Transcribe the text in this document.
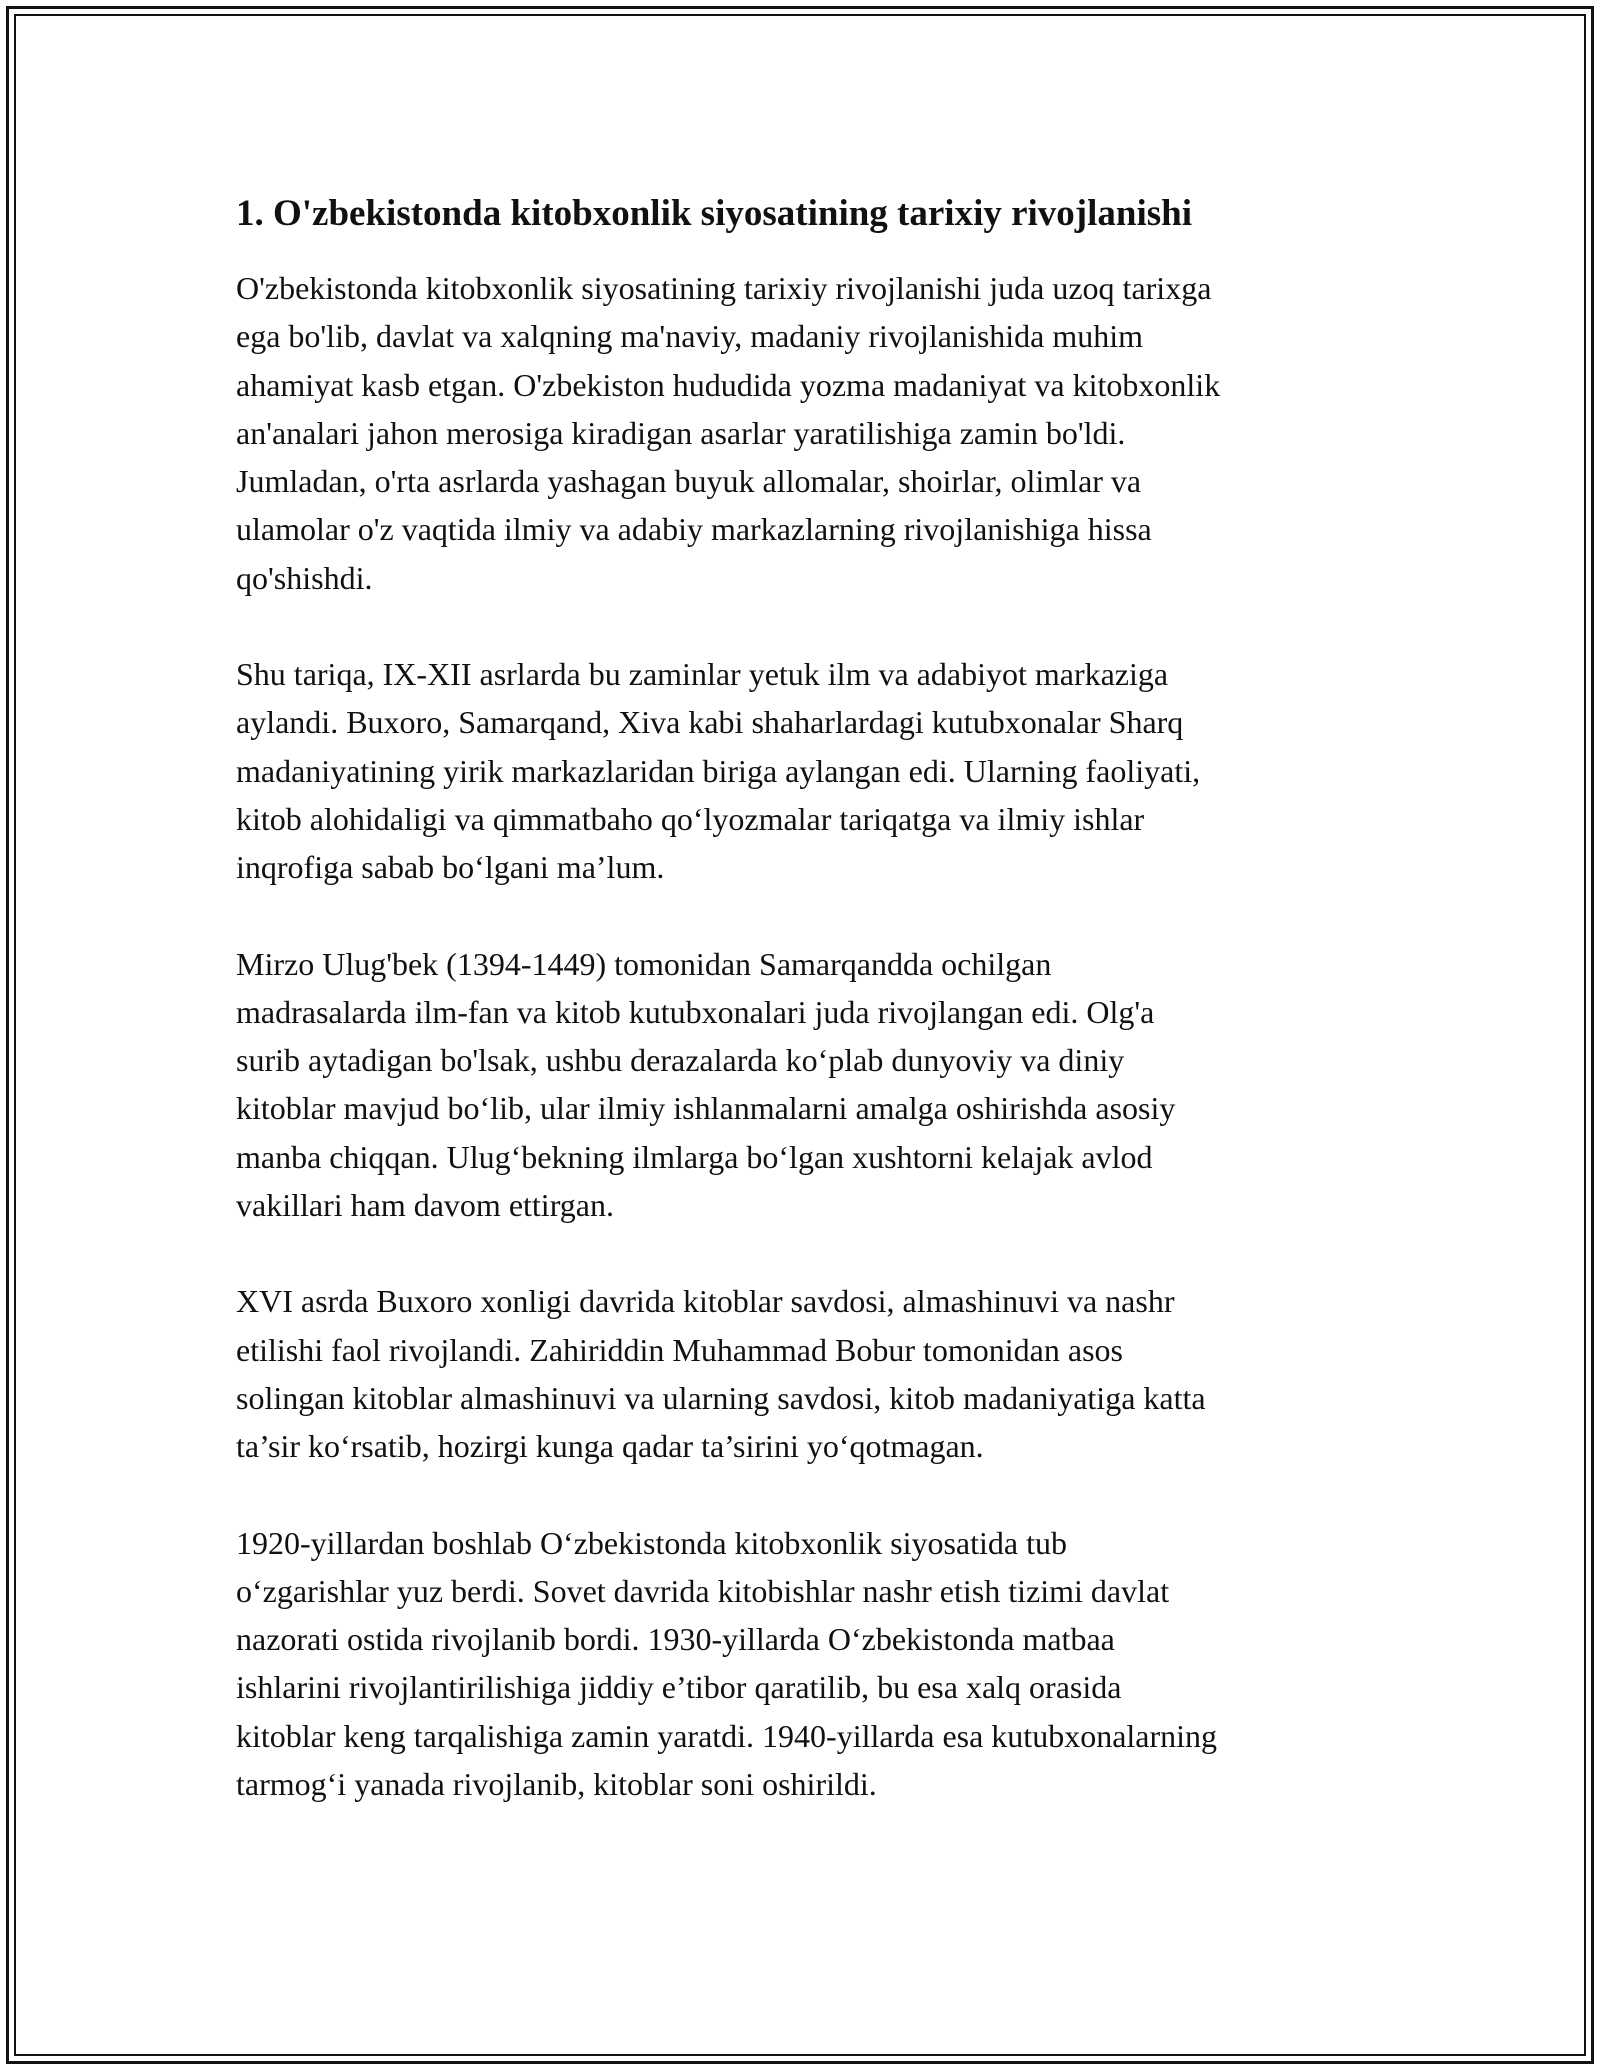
1. O'zbekistonda kitobxonlik siyosatining tarixiy rivojlanishi

O'zbekistonda kitobxonlik siyosatining tarixiy rivojlanishi juda uzoq tarixga
ega bo'lib, davlat va xalqning ma'naviy, madaniy rivojlanishida muhim
ahamiyat kasb etgan. O'zbekiston hududida yozma madaniyat va kitobxonlik
an'analari jahon merosiga kiradigan asarlar yaratilishiga zamin bo'ldi.
Jumladan, o'rta asrlarda yashagan buyuk allomalar, shoirlar, olimlar va
ulamolar o'z vaqtida ilmiy va adabiy markazlarning rivojlanishiga hissa
qo'shishdi.

Shu tariqa, IX-XII asrlarda bu zaminlar yetuk ilm va adabiyot markaziga
aylandi. Buxoro, Samarqand, Xiva kabi shaharlardagi kutubxonalar Sharq
madaniyatining yirik markazlaridan biriga aylangan edi. Ularning faoliyati,
kitob alohidaligi va qimmatbaho qo‘lyozmalar tariqatga va ilmiy ishlar
inqrofiga sabab bo‘lgani ma’lum.

Mirzo Ulug'bek (1394-1449) tomonidan Samarqandda ochilgan
madrasalarda ilm-fan va kitob kutubxonalari juda rivojlangan edi. Olg'a
surib aytadigan bo'lsak, ushbu derazalarda ko‘plab dunyoviy va diniy
kitoblar mavjud bo‘lib, ular ilmiy ishlanmalarni amalga oshirishda asosiy
manba chiqqan. Ulug‘bekning ilmlarga bo‘lgan xushtorni kelajak avlod
vakillari ham davom ettirgan.

XVI asrda Buxoro xonligi davrida kitoblar savdosi, almashinuvi va nashr
etilishi faol rivojlandi. Zahiriddin Muhammad Bobur tomonidan asos
solingan kitoblar almashinuvi va ularning savdosi, kitob madaniyatiga katta
ta’sir ko‘rsatib, hozirgi kunga qadar ta’sirini yo‘qotmagan.

1920-yillardan boshlab O‘zbekistonda kitobxonlik siyosatida tub
o‘zgarishlar yuz berdi. Sovet davrida kitobishlar nashr etish tizimi davlat
nazorati ostida rivojlanib bordi. 1930-yillarda O‘zbekistonda matbaa
ishlarini rivojlantirilishiga jiddiy e’tibor qaratilib, bu esa xalq orasida
kitoblar keng tarqalishiga zamin yaratdi. 1940-yillarda esa kutubxonalarning
tarmog‘i yanada rivojlanib, kitoblar soni oshirildi.
